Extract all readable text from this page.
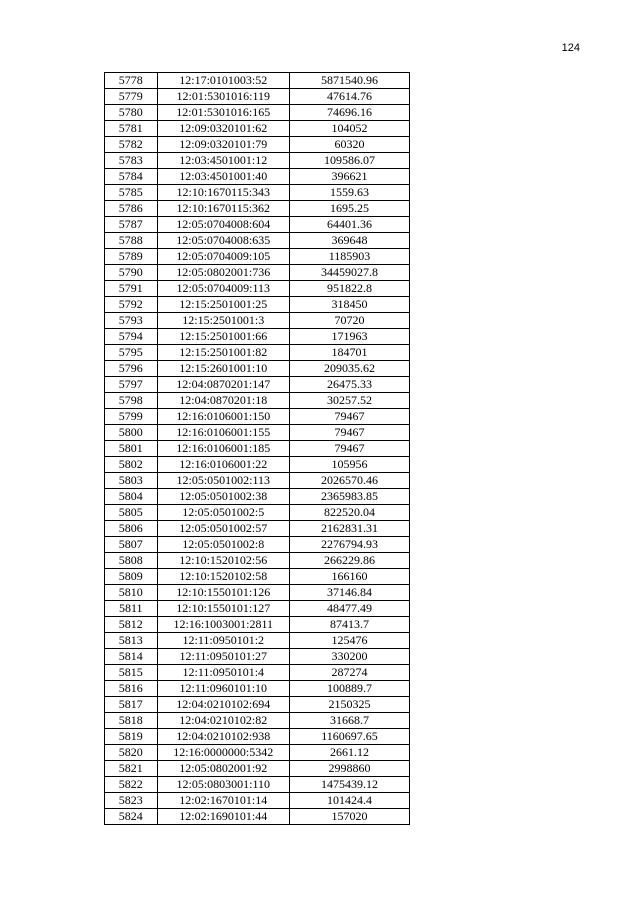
124
5778	12:17:0101003:52	5871540.96
5779	12:01:5301016:119	47614.76
5780	12:01:5301016:165	74696.16
5781	12:09:0320101:62	104052
5782	12:09:0320101:79	60320
5783	12:03:4501001:12	109586.07
5784	12:03:4501001:40	396621
5785	12:10:1670115:343	1559.63
5786	12:10:1670115:362	1695.25
5787	12:05:0704008:604	64401.36
5788	12:05:0704008:635	369648
5789	12:05:0704009:105	1185903
5790	12:05:0802001:736	34459027.8
5791	12:05:0704009:113	951822.8
5792	12:15:2501001:25	318450
5793	12:15:2501001:3	70720
5794	12:15:2501001:66	171963
5795	12:15:2501001:82	184701
5796	12:15:2601001:10	209035.62
5797	12:04:0870201:147	26475.33
5798	12:04:0870201:18	30257.52
5799	12:16:0106001:150	79467
5800	12:16:0106001:155	79467
5801	12:16:0106001:185	79467
5802	12:16:0106001:22	105956
5803	12:05:0501002:113	2026570.46
5804	12:05:0501002:38	2365983.85
5805	12:05:0501002:5	822520.04
5806	12:05:0501002:57	2162831.31
5807	12:05:0501002:8	2276794.93
5808	12:10:1520102:56	266229.86
5809	12:10:1520102:58	166160
5810	12:10:1550101:126	37146.84
5811	12:10:1550101:127	48477.49
5812	12:16:1003001:2811	87413.7
5813	12:11:0950101:2	125476
5814	12:11:0950101:27	330200
5815	12:11:0950101:4	287274
5816	12:11:0960101:10	100889.7
5817	12:04:0210102:694	2150325
5818	12:04:0210102:82	31668.7
5819	12:04:0210102:938	1160697.65
5820	12:16:0000000:5342	2661.12
5821	12:05:0802001:92	2998860
5822	12:05:0803001:110	1475439.12
5823	12:02:1670101:14	101424.4
5824	12:02:1690101:44	157020
